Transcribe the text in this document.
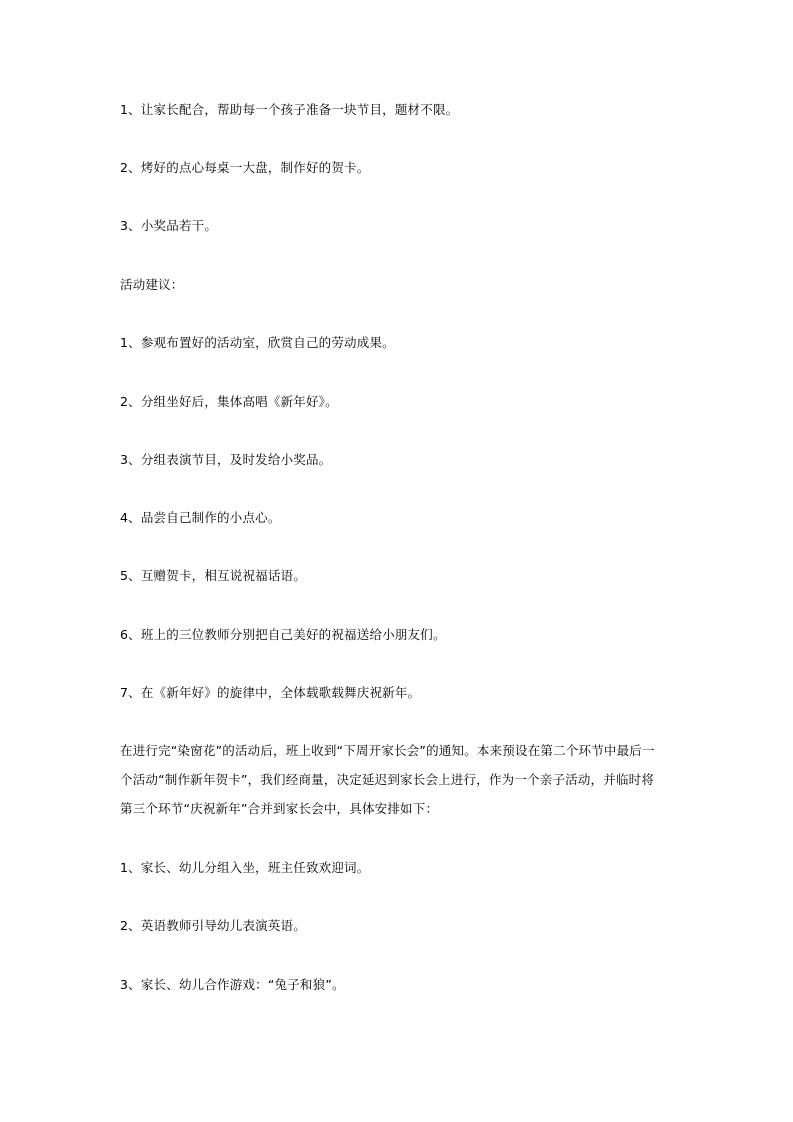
1、让家长配合，帮助每一个孩子准备一块节目，题材不限。
2、烤好的点心每桌一大盘，制作好的贺卡。
3、小奖品若干。
活动建议：
1、参观布置好的活动室，欣赏自己的劳动成果。
2、分组坐好后，集体高唱《新年好》。
3、分组表演节目，及时发给小奖品。
4、品尝自己制作的小点心。
5、互赠贺卡，相互说祝福话语。
6、班上的三位教师分别把自己美好的祝福送给小朋友们。
7、在《新年好》的旋律中，全体载歌载舞庆祝新年。
在进行完“染窗花”的活动后，班上收到“下周开家长会”的通知。本来预设在第二个环节中最后一
个活动“制作新年贺卡”，我们经商量，决定延迟到家长会上进行，作为一个亲子活动，并临时将
第三个环节“庆祝新年”合并到家长会中，具体安排如下：
1、家长、幼儿分组入坐，班主任致欢迎词。
2、英语教师引导幼儿表演英语。
3、家长、幼儿合作游戏：“兔子和狼”。
